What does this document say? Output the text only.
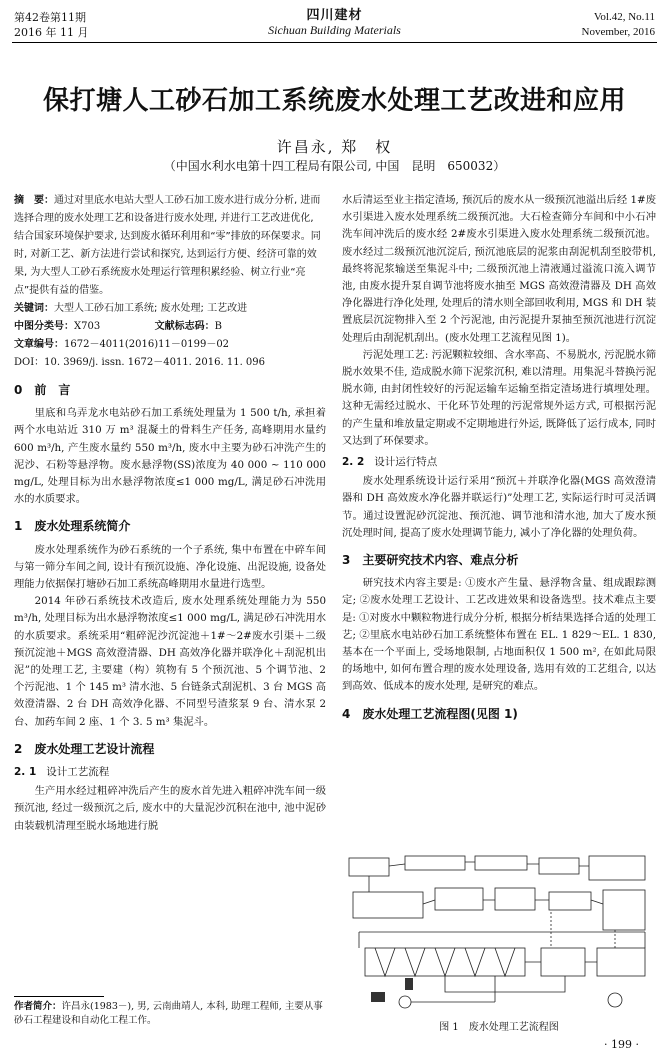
第42卷第11期
2016 年 11 月
四川建材
Sichuan Building Materials
Vol.42, No.11
November, 2016
保打塘人工砂石加工系统废水处理工艺改进和应用
许昌永, 郑　权
（中国水利水电第十四工程局有限公司, 中国　昆明　650032）
摘　要：通过对里底水电站大型人工砂石加工废水进行成分分析, 进而选择合理的废水处理工艺和设备进行废水处理, 并进行工艺改进优化, 结合国家环境保护要求, 达到废水循环利用和“零”排放的环保要求。同时, 对新工艺、新方法进行尝试和探究, 达到运行方便、经济可靠的效果, 为大型人工砂石系统废水处理运行管理积累经验、树立行业“亮点”提供有益的借鉴。
关键词：大型人工砂石加工系统; 废水处理; 工艺改进
中图分类号：X703	文献标志码：B
文章编号：1672－4011(2016)11－0199－02
DOI：10. 3969/j. issn. 1672－4011. 2016. 11. 096
0　前　言

里底和乌弄龙水电站砂石加工系统处理量为 1 500 t/h, 承担着两个水电站近 310 万 m³ 混凝土的骨料生产任务, 高峰期用水量约 600 m³/h, 产生废水量约 550 m³/h, 废水中主要为砂石冲洗产生的泥沙、石粉等悬浮物。废水悬浮物(SS)浓度为 40 000 ~ 110 000 mg/L, 处理目标为出水悬浮物浓度≤1 000 mg/L, 满足砂石冲洗用水的水质要求。

1　废水处理系统简介

废水处理系统作为砂石系统的一个子系统, 集中布置在中碎车间与第一筛分车间之间, 设计有预沉设施、净化设施、出泥设施, 设备处理能力依据保打塘砂石加工系统高峰期用水量进行选型。

2014 年砂石系统技术改造后, 废水处理系统处理能力为 550 m³/h, 处理目标为出水悬浮物浓度≤1 000 mg/L, 满足砂石冲洗用水的水质要求。系统采用“粗碎泥沙沉淀池＋1#～2#废水引渠＋二级预沉淀池＋MGS 高效澄清器、DH 高效净化器并联净化＋刮泥机出泥”的处理工艺, 主要建（构）筑物有 5 个预沉池、5 个调节池、2 个污泥池、1 个 145 m³ 清水池、5 台链条式刮泥机、3 台 MGS 高效澄清器、2 台 DH 高效净化器、不同型号渣浆泵 9 台、清水泵 2 台、加药车间 2 座、1 个 3. 5 m³ 集泥斗。

2　废水处理工艺设计流程
2. 1 设计工艺流程

生产用水经过粗碎冲洗后产生的废水首先进入粗碎冲洗车间一级预沉池, 经过一级预沉之后, 废水中的大量泥沙沉积在池中, 池中泥砂由装载机清理至脱水场地进行脱

作者简介：许昌永(1983－), 男, 云南曲靖人, 本科, 助理工程师, 主要从事砂石工程建设和自动化工程工作。

水后清运至业主指定渣场, 预沉后的废水从一级预沉池溢出后经 1#废水引渠进入废水处理系统二级预沉池。大石检查筛分车间和中小石冲洗车间冲洗后的废水经 2#废水引渠进入废水处理系统二级预沉池。废水经过二级预沉池沉淀后, 预沉池底层的泥浆由刮泥机刮至胶带机, 最终将泥浆输送至集泥斗中; 二级预沉池上清液通过溢流口流入调节池, 由废水提升泵自调节池将废水抽至 MGS 高效澄清器及 DH 高效净化器进行净化处理, 处理后的清水则全部回收利用, MGS 和 DH 装置底层沉淀物排入至 2 个污泥池, 由污泥提升泵抽至预沉池进行沉淀处理后由刮泥机刮出。(废水处理工艺流程见图 1)。

污泥处理工艺: 污泥颗粒较细、含水率高、不易脱水, 污泥脱水筛脱水效果不佳, 造成脱水筛下泥浆沉积, 难以清理。用集泥斗替换污泥脱水筛, 由封闭性较好的污泥运输车运输至指定渣场进行填埋处理。这种无需经过脱水、干化环节处理的污泥常规外运方式, 可根据污泥的产生量和堆放量定期或不定期地进行外运, 既降低了运行成本, 同时又达到了环保要求。

2. 2 设计运行特点

废水处理系统设计运行采用“预沉＋并联净化器(MGS 高效澄清器和 DH 高效废水净化器并联运行)”处理工艺, 实际运行时可灵活调节。通过设置泥砂沉淀池、预沉池、调节池和清水池, 加大了废水预沉处理时间, 提高了废水处理调节能力, 减小了净化器的处理负荷。

3　主要研究技术内容、难点分析

研究技术内容主要是: ①废水产生量、悬浮物含量、组成跟踪测定; ②废水处理工艺设计、工艺改进效果和设备选型。技术难点主要是: ①对废水中颗粒物进行成分分析, 根据分析结果选择合适的处理工艺; ②里底水电站砂石加工系统整体布置在 EL. 1 829～EL. 1 830, 基本在一个平面上, 受场地限制, 占地面积仅 1 500 m², 在如此局限的场地中, 如何布置合理的废水处理设备, 选用有效的工艺组合, 以达到高效、低成本的废水处理, 是研究的难点。

4　废水处理工艺流程图(见图 1)
图 1　废水处理工艺流程图
· 199 ·
